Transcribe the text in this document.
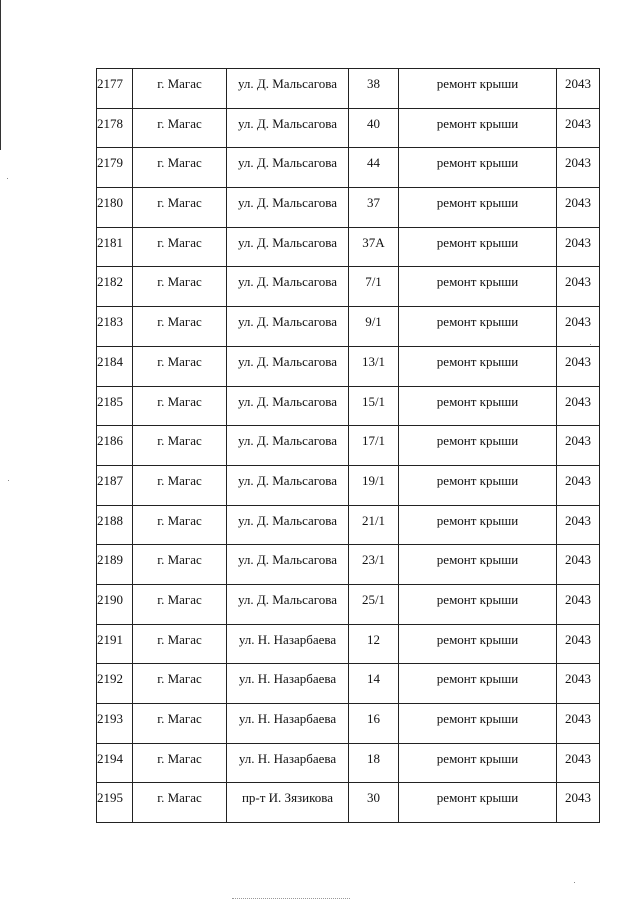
2177	г. Магас	ул. Д. Мальсагова	38	ремонт крыши	2043
2178	г. Магас	ул. Д. Мальсагова	40	ремонт крыши	2043
2179	г. Магас	ул. Д. Мальсагова	44	ремонт крыши	2043
2180	г. Магас	ул. Д. Мальсагова	37	ремонт крыши	2043
2181	г. Магас	ул. Д. Мальсагова	37А	ремонт крыши	2043
2182	г. Магас	ул. Д. Мальсагова	7/1	ремонт крыши	2043
2183	г. Магас	ул. Д. Мальсагова	9/1	ремонт крыши	2043
2184	г. Магас	ул. Д. Мальсагова	13/1	ремонт крыши	2043
2185	г. Магас	ул. Д. Мальсагова	15/1	ремонт крыши	2043
2186	г. Магас	ул. Д. Мальсагова	17/1	ремонт крыши	2043
2187	г. Магас	ул. Д. Мальсагова	19/1	ремонт крыши	2043
2188	г. Магас	ул. Д. Мальсагова	21/1	ремонт крыши	2043
2189	г. Магас	ул. Д. Мальсагова	23/1	ремонт крыши	2043
2190	г. Магас	ул. Д. Мальсагова	25/1	ремонт крыши	2043
2191	г. Магас	ул. Н. Назарбаева	12	ремонт крыши	2043
2192	г. Магас	ул. Н. Назарбаева	14	ремонт крыши	2043
2193	г. Магас	ул. Н. Назарбаева	16	ремонт крыши	2043
2194	г. Магас	ул. Н. Назарбаева	18	ремонт крыши	2043
2195	г. Магас	пр-т И. Зязикова	30	ремонт крыши	2043
